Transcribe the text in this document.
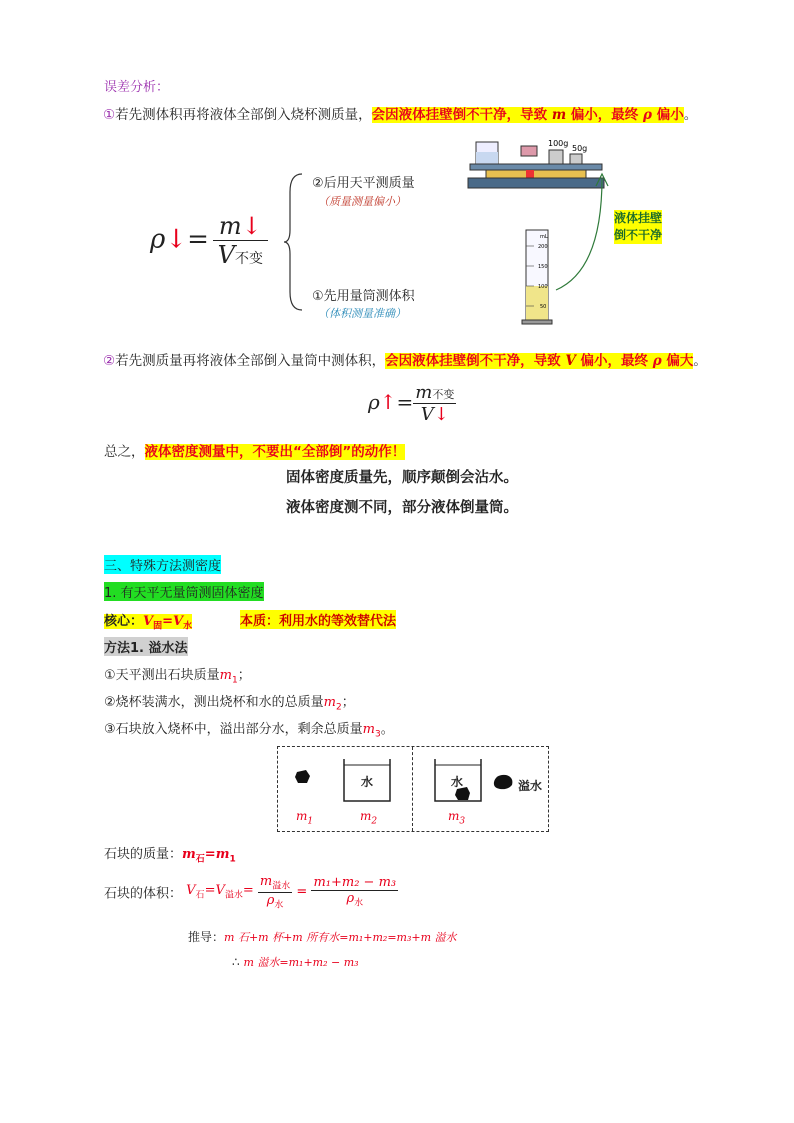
误差分析：
①若先测体积再将液体全部倒入烧杯测质量，会因液体挂壁倒不干净，导致 m 偏小，最终 ρ 偏小。
ρ↓= $\frac{m↓}{\text{V不变}}$
②后用天平测质量
（质量测量偏小）
①先用量筒测体积
（体积测量准确）
100g
50g
mL
200
150
100
50
液体挂壁
倒不干净
②若先测质量再将液体全部倒入量筒中测体积，会因液体挂壁倒不干净，导致 V 偏小，最终 ρ 偏大。
ρ↑= $\frac{\text{m不变}}{V↓}$
总之，液体密度测量中，不要出“全部倒”的动作！
固体密度质量先，顺序颠倒会沾水。
液体密度测不同，部分液体倒量筒。
三、特殊方法测密度
1. 有天平无量筒测固体密度
核心：$V_固=V_水$	本质：利用水的等效替代法
方法1. 溢水法
①天平测出石块质量$m_1$；
②烧杯装满水，测出烧杯和水的总质量$m_2$；
③石块放入烧杯中，溢出部分水，剩余总质量$m_3$。
水	水	溢水
$m_1$	$m_2$	$m_3$
石块的质量：$m_石=m_1$
石块的体积： $V_石=V_{溢水}= \frac{m_{溢水}}{\rho_水} = \frac{\text{m₁+m₂ − m₃}}{\rho_水}$
推导：m 石+m 杯+m 所有水=m₁+m₂=m₃+m 溢水
∴ m 溢水=m₁+m₂ − m₃
